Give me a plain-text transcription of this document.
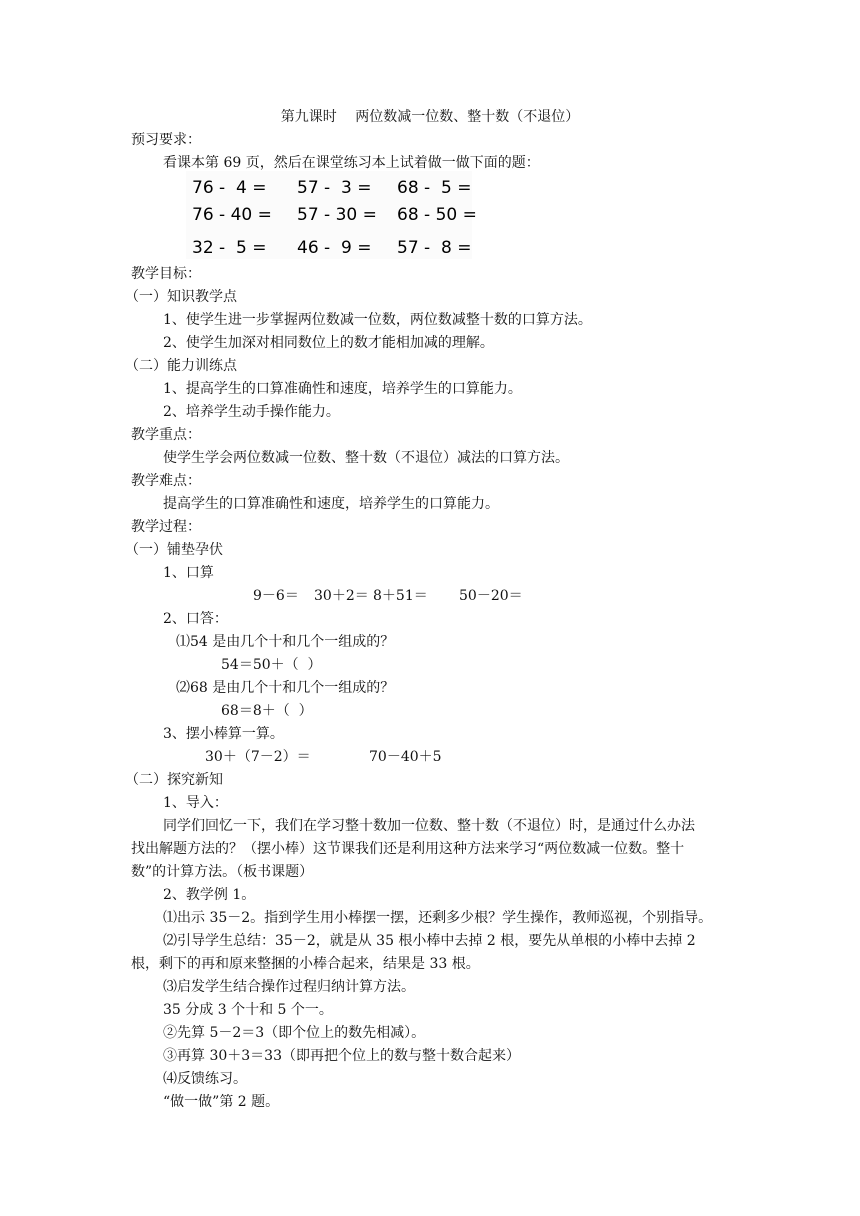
第九课时　 两位数减一位数、整十数（不退位）
预习要求：
看课本第 69 页，然后在课堂练习本上试着做一做下面的题：
76 -  4 = 57 -  3 = 68 -  5 =
76 - 40 = 57 - 30 = 68 - 50 =
32 -  5 = 46 -  9 = 57 -  8 =
教学目标：
（一）知识教学点
1、使学生进一步掌握两位数减一位数，两位数减整十数的口算方法。
2、使学生加深对相同数位上的数才能相加减的理解。
（二）能力训练点
1、提高学生的口算准确性和速度，培养学生的口算能力。
2、培养学生动手操作能力。
教学重点：
使学生学会两位数减一位数、整十数（不退位）减法的口算方法。
教学难点：
提高学生的口算准确性和速度，培养学生的口算能力。
教学过程：
（一）铺垫孕伏
1、口算
9－6＝ 30＋2＝ 8＋51＝ 50－20＝
2、口答：
⑴54 是由几个十和几个一组成的？
54＝50＋（  ）
⑵68 是由几个十和几个一组成的？
68＝8＋（  ）
3、摆小棒算一算。
30＋（7－2）＝	70－40＋5
（二）探究新知
1、导入：
同学们回忆一下，我们在学习整十数加一位数、整十数（不退位）时，是通过什么办法
找出解题方法的？（摆小棒）这节课我们还是利用这种方法来学习“两位数减一位数。整十
数”的计算方法。（板书课题）
2、教学例 1。
⑴出示 35－2。指到学生用小棒摆一摆，还剩多少根？学生操作，教师巡视，个别指导。
⑵引导学生总结：35－2，就是从 35 根小棒中去掉 2 根，要先从单根的小棒中去掉 2
根，剩下的再和原来整捆的小棒合起来，结果是 33 根。
⑶启发学生结合操作过程归纳计算方法。
35 分成 3 个十和 5 个一。
②先算 5－2＝3（即个位上的数先相减）。
③再算 30＋3＝33（即再把个位上的数与整十数合起来）
⑷反馈练习。
“做一做”第 2 题。
